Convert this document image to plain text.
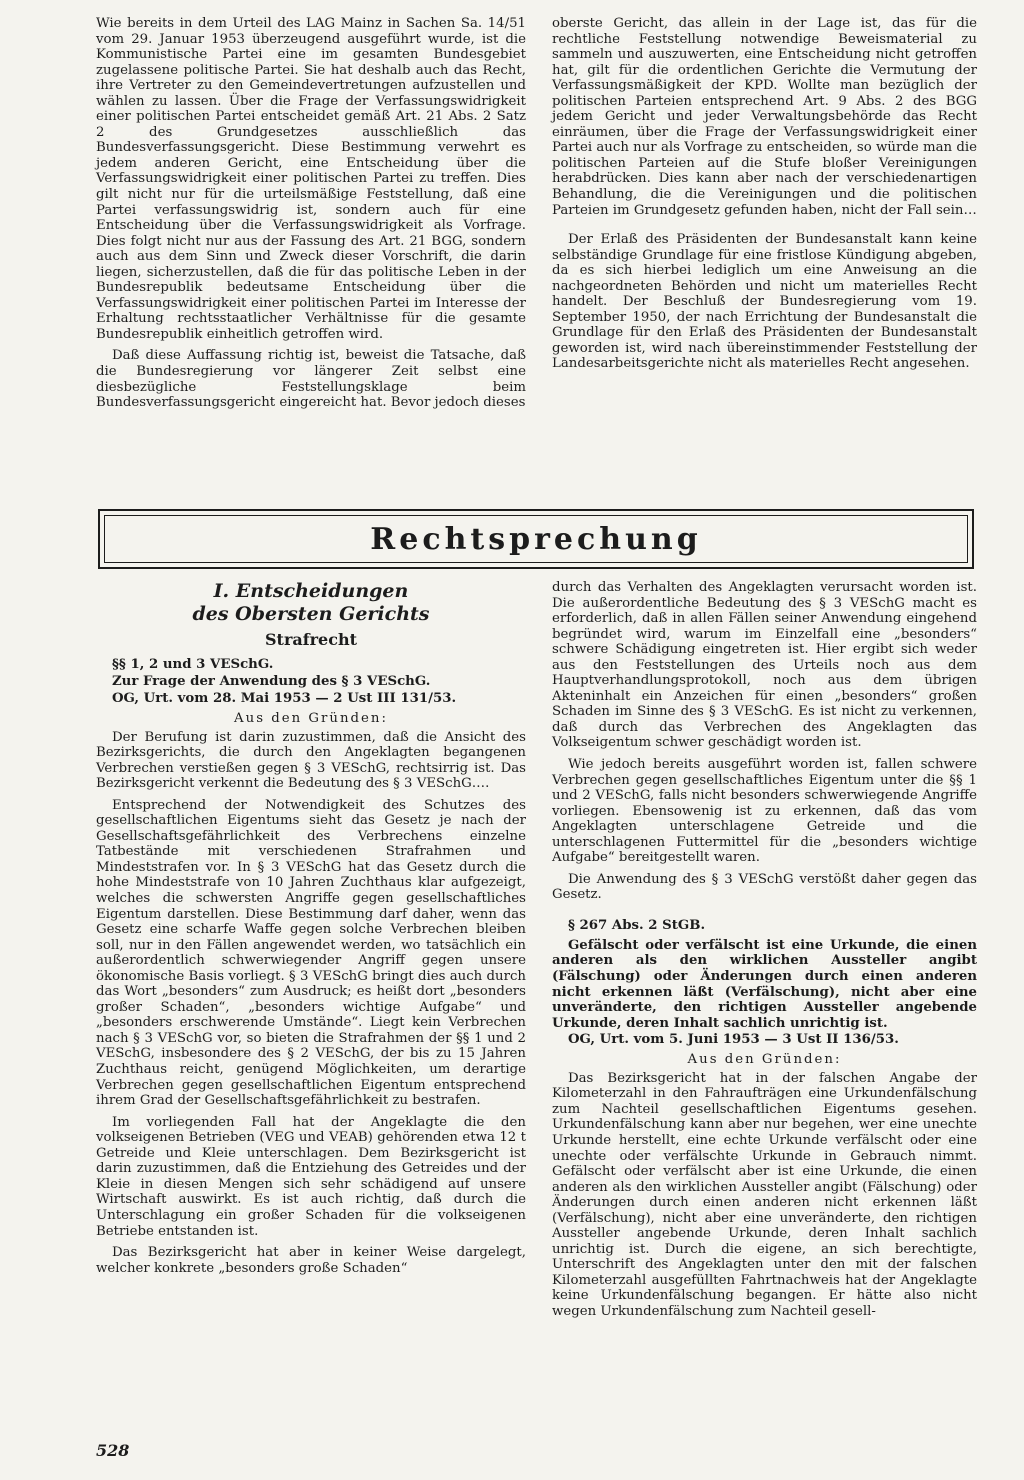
Wie bereits in dem Urteil des LAG Mainz in Sachen Sa. 14/51 vom 29. Januar 1953 überzeugend ausgeführt wurde, ist die Kommunistische Partei eine im gesamten Bundesgebiet zugelassene politische Partei. Sie hat deshalb auch das Recht, ihre Vertreter zu den Gemeindevertretungen aufzustellen und wählen zu lassen. Über die Frage der Verfassungswidrigkeit einer politischen Partei entscheidet gemäß Art. 21 Abs. 2 Satz 2 des Grundgesetzes ausschließlich das Bundesverfassungsgericht. Diese Bestimmung verwehrt es jedem anderen Gericht, eine Entscheidung über die Verfassungswidrigkeit einer politischen Partei zu treffen. Dies gilt nicht nur für die urteilsmäßige Feststellung, daß eine Partei verfassungswidrig ist, sondern auch für eine Entscheidung über die Verfassungswidrigkeit als Vorfrage. Dies folgt nicht nur aus der Fassung des Art. 21 BGG, sondern auch aus dem Sinn und Zweck dieser Vorschrift, die darin liegen, sicherzustellen, daß die für das politische Leben in der Bundesrepublik bedeutsame Entscheidung über die Verfassungswidrigkeit einer politischen Partei im Interesse der Erhaltung rechtsstaatlicher Verhältnisse für die gesamte Bundesrepublik einheitlich getroffen wird.

Daß diese Auffassung richtig ist, beweist die Tatsache, daß die Bundesregierung vor längerer Zeit selbst eine diesbezügliche Feststellungsklage beim Bundesverfassungsgericht eingereicht hat. Bevor jedoch dieses

oberste Gericht, das allein in der Lage ist, das für die rechtliche Feststellung notwendige Beweismaterial zu sammeln und auszuwerten, eine Entscheidung nicht getroffen hat, gilt für die ordentlichen Gerichte die Vermutung der Verfassungsmäßigkeit der KPD. Wollte man bezüglich der politischen Parteien entsprechend Art. 9 Abs. 2 des BGG jedem Gericht und jeder Verwaltungsbehörde das Recht einräumen, über die Frage der Verfassungswidrigkeit einer Partei auch nur als Vorfrage zu entscheiden, so würde man die politischen Parteien auf die Stufe bloßer Vereinigungen herabdrücken. Dies kann aber nach der verschiedenartigen Behandlung, die die Vereinigungen und die politischen Parteien im Grundgesetz gefunden haben, nicht der Fall sein…

Der Erlaß des Präsidenten der Bundesanstalt kann keine selbständige Grundlage für eine fristlose Kündigung abgeben, da es sich hierbei lediglich um eine Anweisung an die nachgeordneten Behörden und nicht um materielles Recht handelt. Der Beschluß der Bundesregierung vom 19. September 1950, der nach Errichtung der Bundesanstalt die Grundlage für den Erlaß des Präsidenten der Bundesanstalt geworden ist, wird nach übereinstimmender Feststellung der Landesarbeitsgerichte nicht als materielles Recht angesehen.

Rechtsprechung
I. Entscheidungen
des Obersten Gerichts
Strafrecht
§§ 1, 2 und 3 VESchG.
Zur Frage der Anwendung des § 3 VESchG.
OG, Urt. vom 28. Mai 1953 — 2 Ust III 131/53.
Aus den Gründen:

Der Berufung ist darin zuzustimmen, daß die Ansicht des Bezirksgerichts, die durch den Angeklagten begangenen Verbrechen verstießen gegen § 3 VESchG, rechtsirrig ist. Das Bezirksgericht verkennt die Bedeutung des § 3 VESchG….

Entsprechend der Notwendigkeit des Schutzes des gesellschaftlichen Eigentums sieht das Gesetz je nach der Gesellschaftsgefährlichkeit des Verbrechens einzelne Tatbestände mit verschiedenen Strafrahmen und Mindeststrafen vor. In § 3 VESchG hat das Gesetz durch die hohe Mindeststrafe von 10 Jahren Zuchthaus klar aufgezeigt, welches die schwersten Angriffe gegen gesellschaftliches Eigentum darstellen. Diese Bestimmung darf daher, wenn das Gesetz eine scharfe Waffe gegen solche Verbrechen bleiben soll, nur in den Fällen angewendet werden, wo tatsächlich ein außerordentlich schwerwiegender Angriff gegen unsere ökonomische Basis vorliegt. § 3 VESchG bringt dies auch durch das Wort „besonders“ zum Ausdruck; es heißt dort „besonders großer Schaden“, „besonders wichtige Aufgabe“ und „besonders erschwerende Umstände“. Liegt kein Verbrechen nach § 3 VESchG vor, so bieten die Strafrahmen der §§ 1 und 2 VESchG, insbesondere des § 2 VESchG, der bis zu 15 Jahren Zuchthaus reicht, genügend Möglichkeiten, um derartige Verbrechen gegen gesellschaftlichen Eigentum entsprechend ihrem Grad der Gesellschaftsgefährlichkeit zu bestrafen.

Im vorliegenden Fall hat der Angeklagte die den volkseigenen Betrieben (VEG und VEAB) gehörenden etwa 12 t Getreide und Kleie unterschlagen. Dem Bezirksgericht ist darin zuzustimmen, daß die Entziehung des Getreides und der Kleie in diesen Mengen sich sehr schädigend auf unsere Wirtschaft auswirkt. Es ist auch richtig, daß durch die Unterschlagung ein großer Schaden für die volkseigenen Betriebe entstanden ist.

Das Bezirksgericht hat aber in keiner Weise dargelegt, welcher konkrete „besonders große Schaden“

durch das Verhalten des Angeklagten verursacht worden ist. Die außerordentliche Bedeutung des § 3 VESchG macht es erforderlich, daß in allen Fällen seiner Anwendung eingehend begründet wird, warum im Einzelfall eine „besonders“ schwere Schädigung eingetreten ist. Hier ergibt sich weder aus den Feststellungen des Urteils noch aus dem Hauptverhandlungsprotokoll, noch aus dem übrigen Akteninhalt ein Anzeichen für einen „besonders“ großen Schaden im Sinne des § 3 VESchG. Es ist nicht zu verkennen, daß durch das Verbrechen des Angeklagten das Volkseigentum schwer geschädigt worden ist.

Wie jedoch bereits ausgeführt worden ist, fallen schwere Verbrechen gegen gesellschaftliches Eigentum unter die §§ 1 und 2 VESchG, falls nicht besonders schwerwiegende Angriffe vorliegen. Ebensowenig ist zu erkennen, daß das vom Angeklagten unterschlagene Getreide und die unterschlagenen Futtermittel für die „besonders wichtige Aufgabe“ bereitgestellt waren.

Die Anwendung des § 3 VESchG verstößt daher gegen das Gesetz.

§ 267 Abs. 2 StGB.

Gefälscht oder verfälscht ist eine Urkunde, die einen anderen als den wirklichen Aussteller angibt (Fälschung) oder Änderungen durch einen anderen nicht erkennen läßt (Verfälschung), nicht aber eine unveränderte, den richtigen Aussteller angebende Urkunde, deren Inhalt sachlich unrichtig ist.

OG, Urt. vom 5. Juni 1953 — 3 Ust II 136/53.
Aus den Gründen:

Das Bezirksgericht hat in der falschen Angabe der Kilometerzahl in den Fahraufträgen eine Urkundenfälschung zum Nachteil gesellschaftlichen Eigentums gesehen. Urkundenfälschung kann aber nur begehen, wer eine unechte Urkunde herstellt, eine echte Urkunde verfälscht oder eine unechte oder verfälschte Urkunde in Gebrauch nimmt. Gefälscht oder verfälscht aber ist eine Urkunde, die einen anderen als den wirklichen Aussteller angibt (Fälschung) oder Änderungen durch einen anderen nicht erkennen läßt (Verfälschung), nicht aber eine unveränderte, den richtigen Aussteller angebende Urkunde, deren Inhalt sachlich unrichtig ist. Durch die eigene, an sich berechtigte, Unterschrift des Angeklagten unter den mit der falschen Kilometerzahl ausgefüllten Fahrtnachweis hat der Angeklagte keine Urkundenfälschung begangen. Er hätte also nicht wegen Urkundenfälschung zum Nachteil gesell-

528
